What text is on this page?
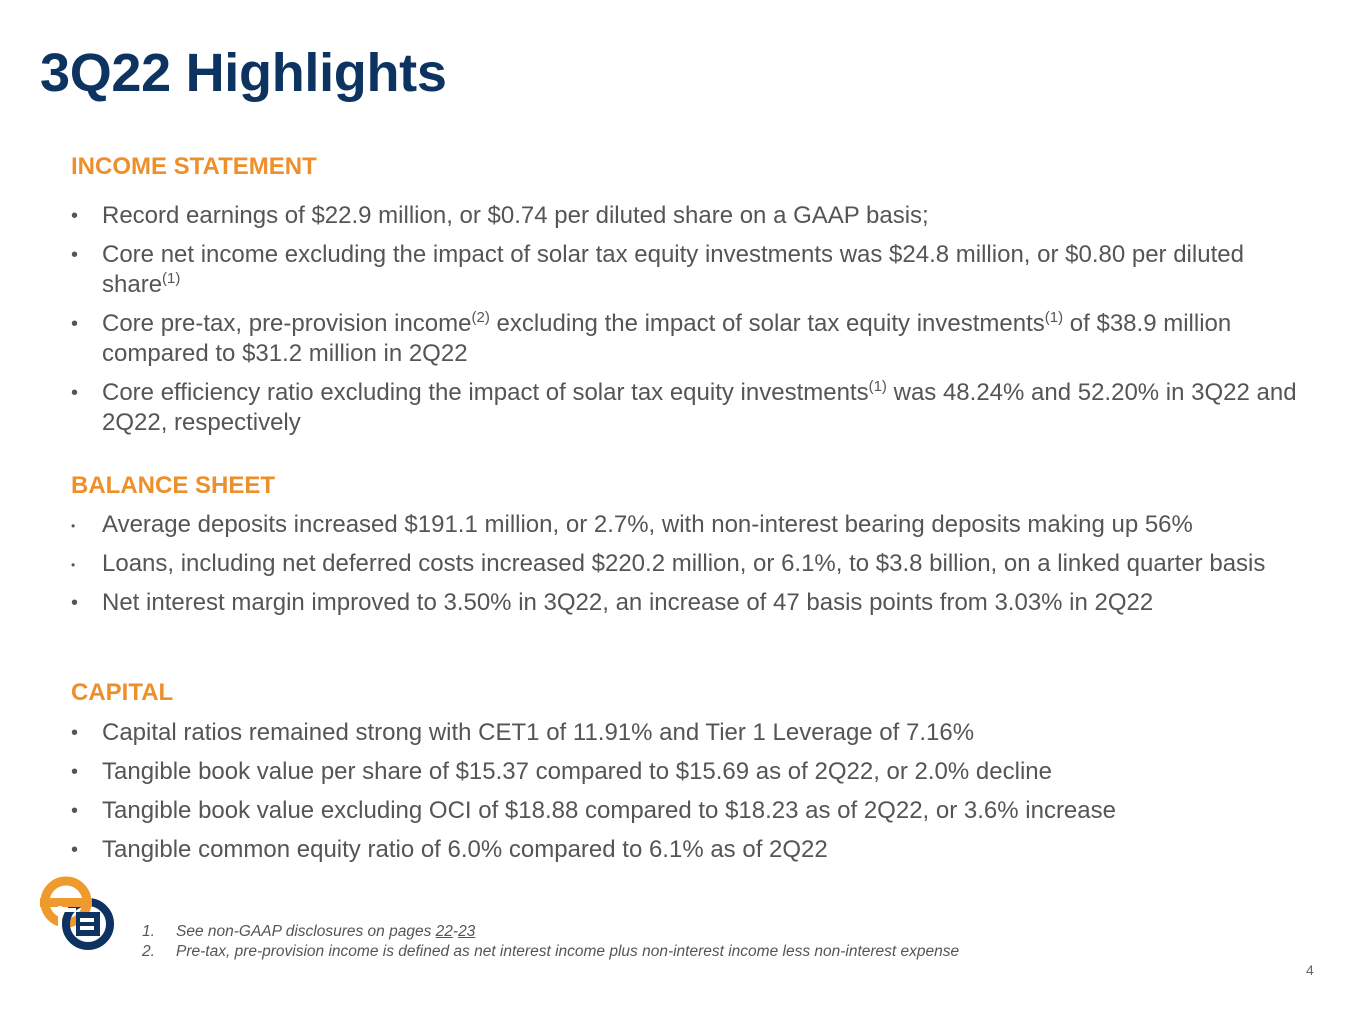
3Q22 Highlights
INCOME STATEMENT
• Record earnings of $22.9 million, or $0.74 per diluted share on a GAAP basis;
• Core net income excluding the impact of solar tax equity investments was $24.8 million, or $0.80 per diluted share$^{(1)}$
• Core pre-tax, pre-provision income$^{(2)}$ excluding the impact of solar tax equity investments$^{(1)}$ of $38.9 million compared to $31.2 million in 2Q22
• Core efficiency ratio excluding the impact of solar tax equity investments$^{(1)}$ was 48.24% and 52.20% in 3Q22 and 2Q22, respectively
BALANCE SHEET
•	Average deposits increased $191.1 million, or 2.7%, with non-interest bearing deposits making up 56%
•	Loans, including net deferred costs increased $220.2 million, or 6.1%, to $3.8 billion, on a linked quarter basis
• Net interest margin improved to 3.50% in 3Q22, an increase of 47 basis points from 3.03% in 2Q22
CAPITAL
• Capital ratios remained strong with CET1 of 11.91% and Tier 1 Leverage of 7.16%
• Tangible book value per share of $15.37 compared to $15.69 as of 2Q22, or 2.0% decline
• Tangible book value excluding OCI of $18.88 compared to $18.23 as of 2Q22, or 3.6% increase
• Tangible common equity ratio of 6.0% compared to 6.1% as of 2Q22
1. See non-GAAP disclosures on pages 22-23
2. Pre-tax, pre-provision income is defined as net interest income plus non-interest income less non-interest expense
4
